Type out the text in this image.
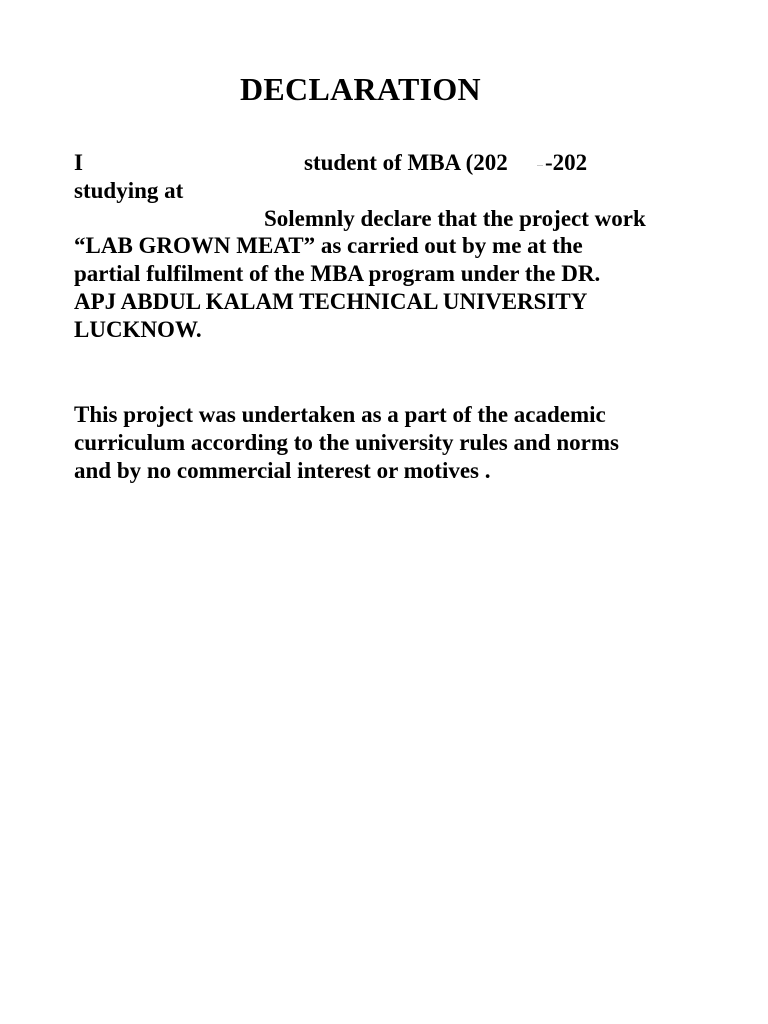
DECLARATION
I	student of MBA (202 -202
studying at
Solemnly declare that the project work
“LAB GROWN MEAT” as carried out by me at the
partial fulfilment of the MBA program under the DR.
APJ ABDUL KALAM TECHNICAL UNIVERSITY
LUCKNOW.
This project was undertaken as a part of the academic
curriculum according to the university rules and norms
and by no commercial interest or motives .
